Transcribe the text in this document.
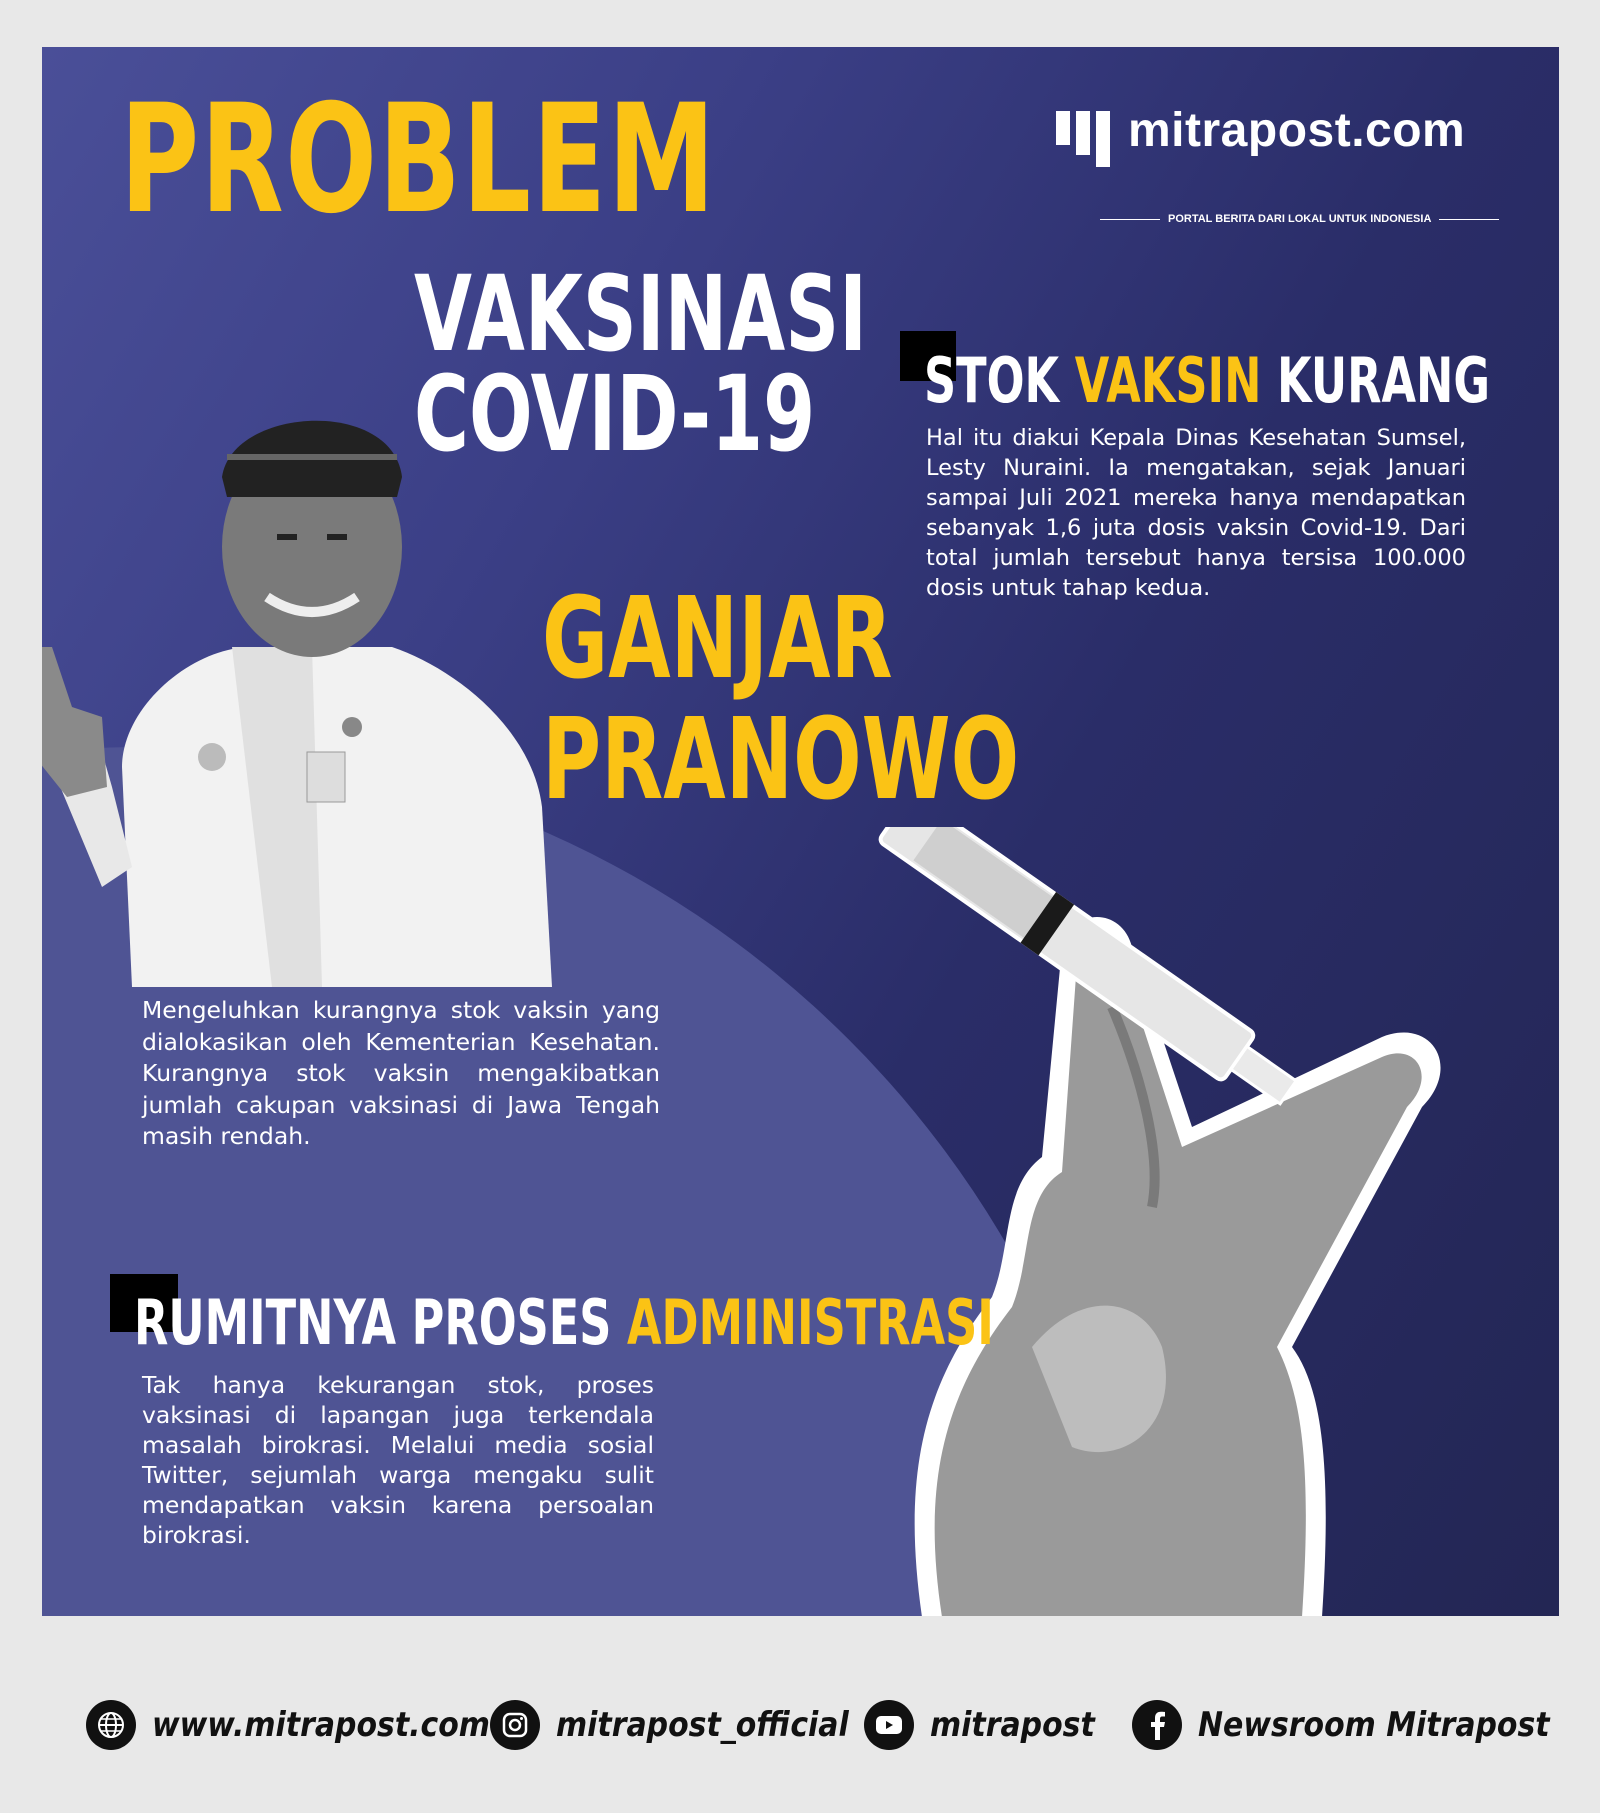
PROBLEM
VAKSINASI
COVID-19
mitrapost.com
PORTAL BERITA DARI LOKAL UNTUK INDONESIA
GANJAR
PRANOWO
STOK VAKSIN KURANG
Hal itu diakui Kepala Dinas Kesehatan Sumsel, Lesty Nuraini. Ia mengatakan, sejak Januari sampai Juli 2021 mereka hanya mendapatkan sebanyak 1,6 juta dosis vaksin Covid-19. Dari total jumlah tersebut hanya tersisa 100.000 dosis untuk tahap kedua.
Mengeluhkan kurangnya stok vaksin yang dialokasikan oleh Kementerian Kesehatan. Kurangnya stok vaksin mengakibatkan jumlah cakupan vaksinasi di Jawa Tengah masih rendah.
RUMITNYA PROSES ADMINISTRASI
Tak hanya kekurangan stok, proses vaksinasi di lapangan juga terkendala masalah birokrasi. Melalui media sosial Twitter, sejumlah warga mengaku sulit mendapatkan vaksin karena persoalan birokrasi.
www.mitrapost.com mitrapost_official mitrapost	Newsroom Mitrapost
